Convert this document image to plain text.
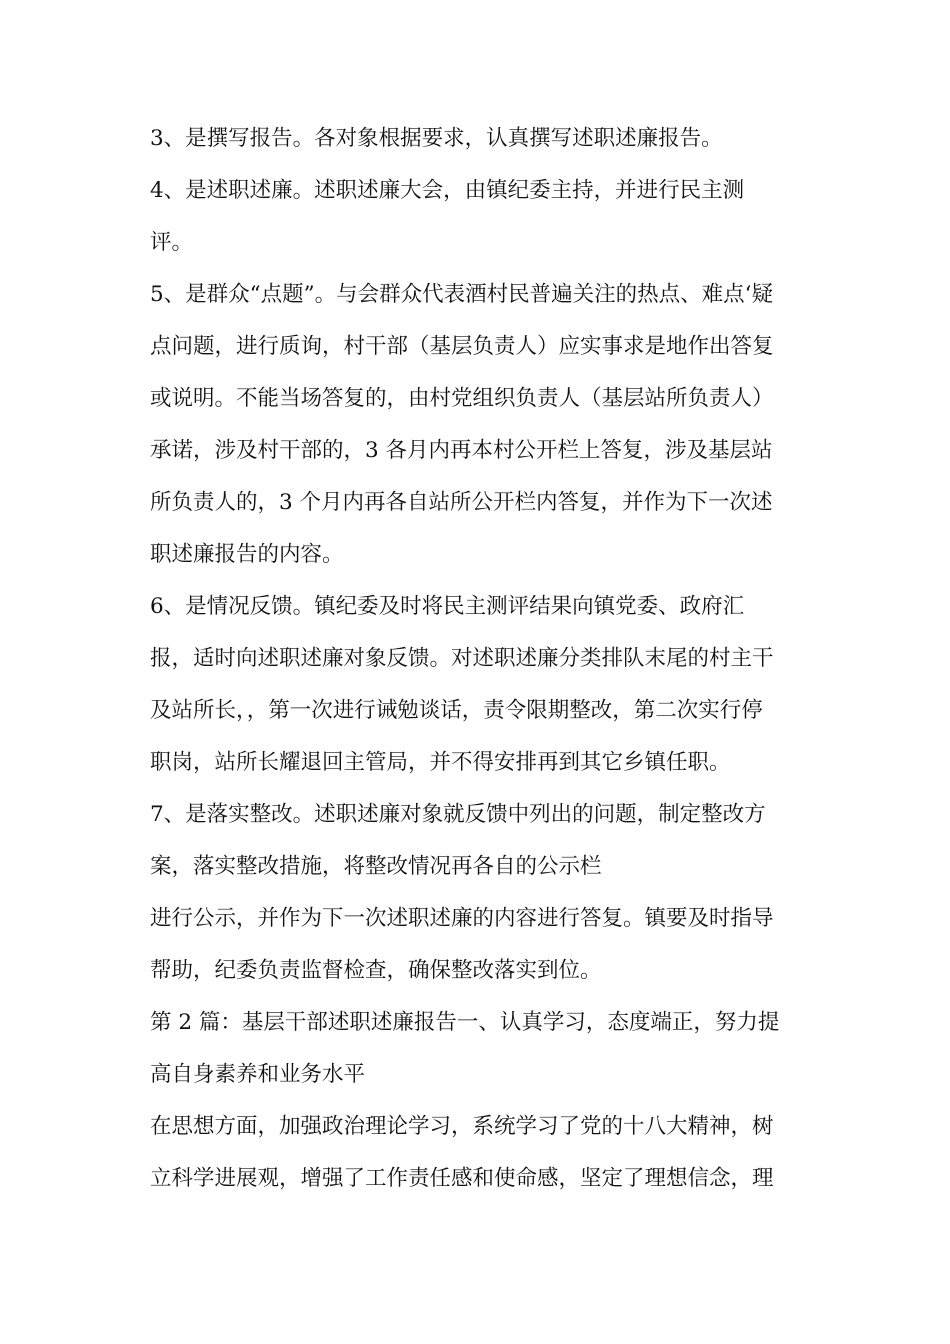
3、是撰写报告。各对象根据要求，认真撰写述职述廉报告。
4、是述职述廉。述职述廉大会，由镇纪委主持，并进行民主测
评。
5、是群众“点题”。与会群众代表酒村民普遍关注的热点、难点‘疑
点问题，进行质询，村干部（基层负责人）应实事求是地作出答复
或说明。不能当场答复的，由村党组织负责人（基层站所负责人）
承诺，涉及村干部的，3 各月内再本村公开栏上答复，涉及基层站
所负责人的，3 个月内再各自站所公开栏内答复，并作为下一次述
职述廉报告的内容。
6、是情况反馈。镇纪委及时将民主测评结果向镇党委、政府汇
报，适时向述职述廉对象反馈。对述职述廉分类排队末尾的村主干
及站所长，，第一次进行诫勉谈话，责令限期整改，第二次实行停
职岗，站所长耀退回主管局，并不得安排再到其它乡镇任职。
7、是落实整改。述职述廉对象就反馈中列出的问题，制定整改方
案，落实整改措施，将整改情况再各自的公示栏
进行公示，并作为下一次述职述廉的内容进行答复。镇要及时指导
帮助，纪委负责监督检查，确保整改落实到位。
第 2 篇：基层干部述职述廉报告一、认真学习，态度端正，努力提
高自身素养和业务水平
在思想方面，加强政治理论学习，系统学习了党的十八大精神，树
立科学进展观，增强了工作责任感和使命感，坚定了理想信念，理
